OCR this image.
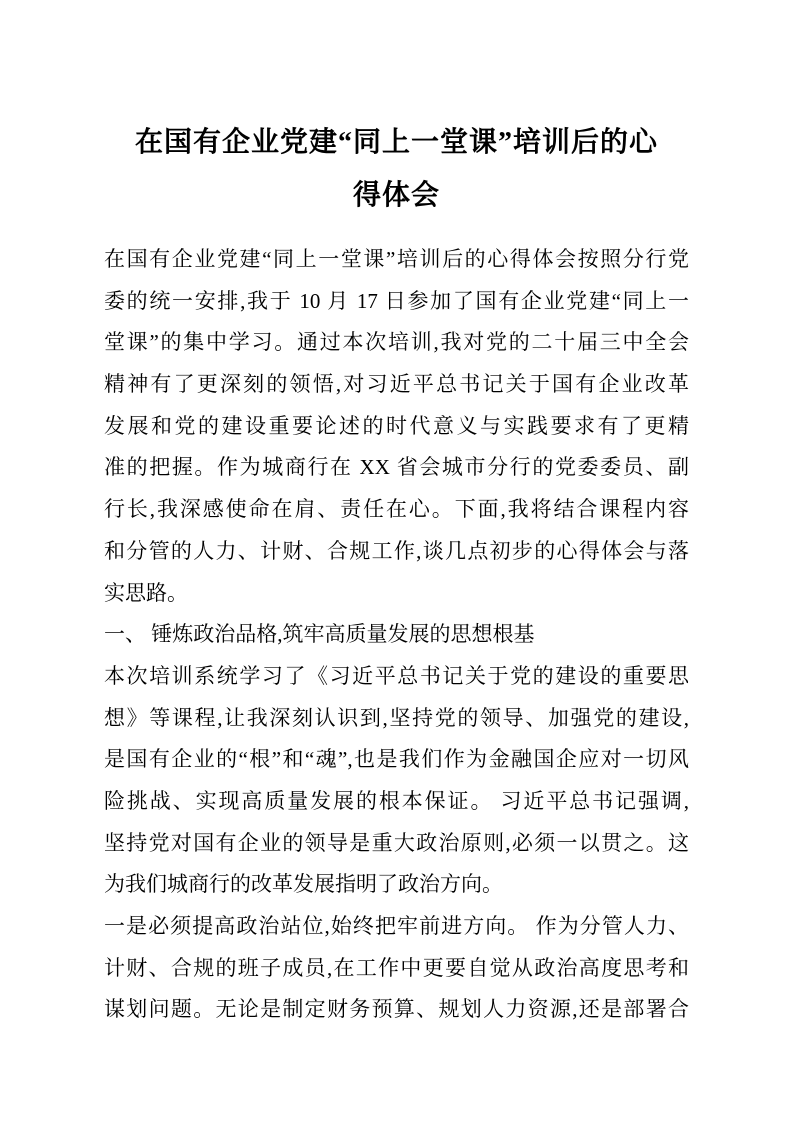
在国有企业党建“同上一堂课”培训后的心
得体会
在国有企业党建“同上一堂课”培训后的心得体会按照分行党
委的统一安排,我于 10 月 17 日参加了国有企业党建“同上一
堂课”的集中学习。通过本次培训,我对党的二十届三中全会
精神有了更深刻的领悟,对习近平总书记关于国有企业改革
发展和党的建设重要论述的时代意义与实践要求有了更精
准的把握。作为城商行在 XX 省会城市分行的党委委员、副
行长,我深感使命在肩、责任在心。下面,我将结合课程内容
和分管的人力、计财、合规工作,谈几点初步的心得体会与落
实思路。
一、 锤炼政治品格,筑牢高质量发展的思想根基
本次培训系统学习了《习近平总书记关于党的建设的重要思
想》等课程,让我深刻认识到,坚持党的领导、加强党的建设,
是国有企业的“根”和“魂”,也是我们作为金融国企应对一切风
险挑战、实现高质量发展的根本保证。 习近平总书记强调,
坚持党对国有企业的领导是重大政治原则,必须一以贯之。这
为我们城商行的改革发展指明了政治方向。
一是必须提高政治站位,始终把牢前进方向。 作为分管人力、
计财、合规的班子成员,在工作中更要自觉从政治高度思考和
谋划问题。无论是制定财务预算、规划人力资源,还是部署合
